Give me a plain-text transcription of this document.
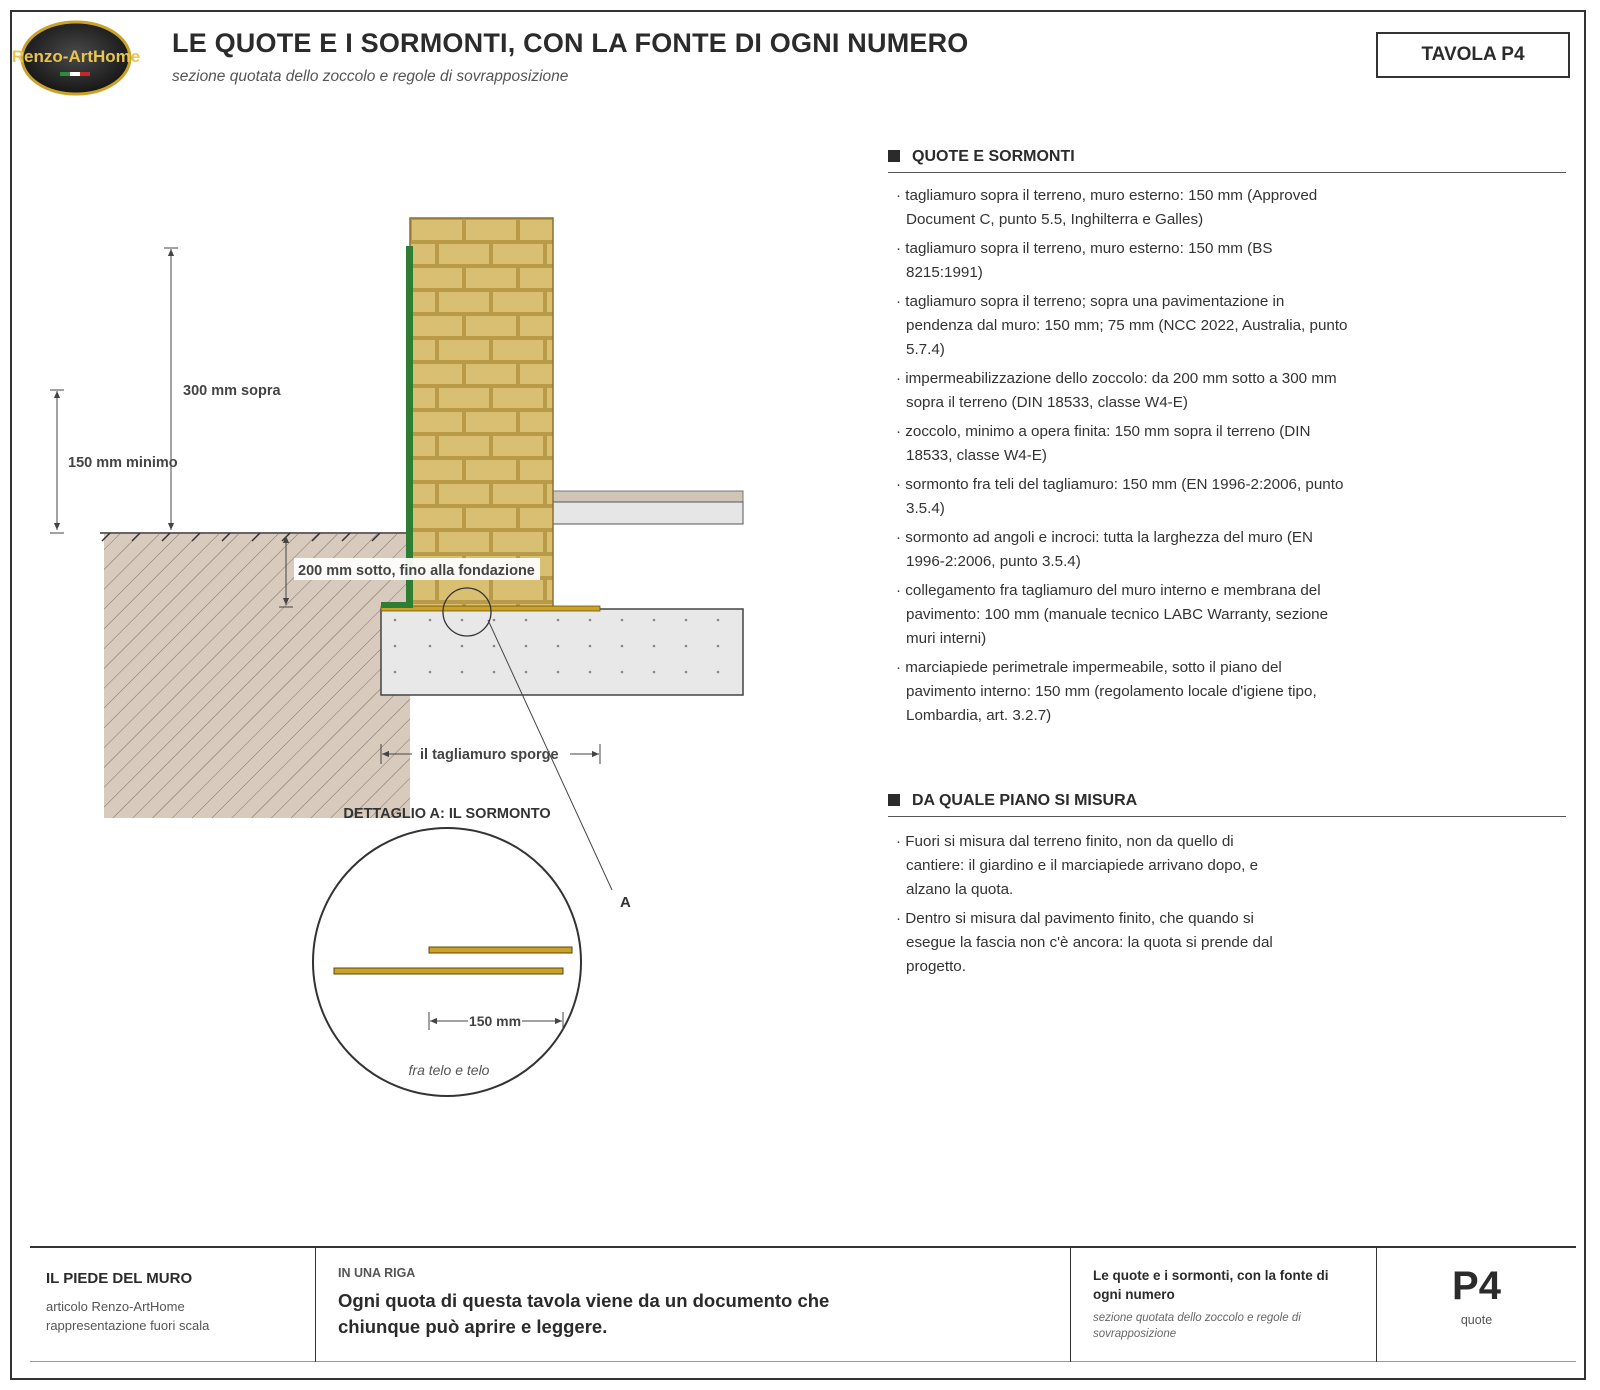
Renzo-ArtHome LE QUOTE E I SORMONTI, CON LA FONTE DI OGNI NUMERO
sezione quotata dello zoccolo e regole di sovrapposizione
TAVOLA P4
300 mm sopra
150 mm minimo
200 mm sotto, fino alla fondazione
il tagliamuro sporge
A
DETTAGLIO A: IL SORMONTO
150 mm
fra telo e telo
QUOTE E SORMONTI
· tagliamuro sopra il terreno, muro esterno: 150 mm (Approved Document C, punto 5.5, Inghilterra e Galles)
· tagliamuro sopra il terreno, muro esterno: 150 mm (BS 8215:1991)
· tagliamuro sopra il terreno; sopra una pavimentazione in pendenza dal muro: 150 mm; 75 mm (NCC 2022, Australia, punto 5.7.4)
· impermeabilizzazione dello zoccolo: da 200 mm sotto a 300 mm sopra il terreno (DIN 18533, classe W4-E)
· zoccolo, minimo a opera finita: 150 mm sopra il terreno (DIN 18533, classe W4-E)
· sormonto fra teli del tagliamuro: 150 mm (EN 1996-2:2006, punto 3.5.4)
· sormonto ad angoli e incroci: tutta la larghezza del muro (EN 1996-2:2006, punto 3.5.4)
· collegamento fra tagliamuro del muro interno e membrana del pavimento: 100 mm (manuale tecnico LABC Warranty, sezione muri interni)
· marciapiede perimetrale impermeabile, sotto il piano del pavimento interno: 150 mm (regolamento locale d'igiene tipo, Lombardia, art. 3.2.7)
DA QUALE PIANO SI MISURA
· Fuori si misura dal terreno finito, non da quello di cantiere: il giardino e il marciapiede arrivano dopo, e alzano la quota.
· Dentro si misura dal pavimento finito, che quando si esegue la fascia non c'è ancora: la quota si prende dal progetto.
IL PIEDE DEL MURO
articolo Renzo-ArtHome
rappresentazione fuori scala
IN UNA RIGA
Ogni quota di questa tavola viene da un documento che chiunque può aprire e leggere.
Le quote e i sormonti, con la fonte di ogni numero
sezione quotata dello zoccolo e regole di sovrapposizione
P4
quote
